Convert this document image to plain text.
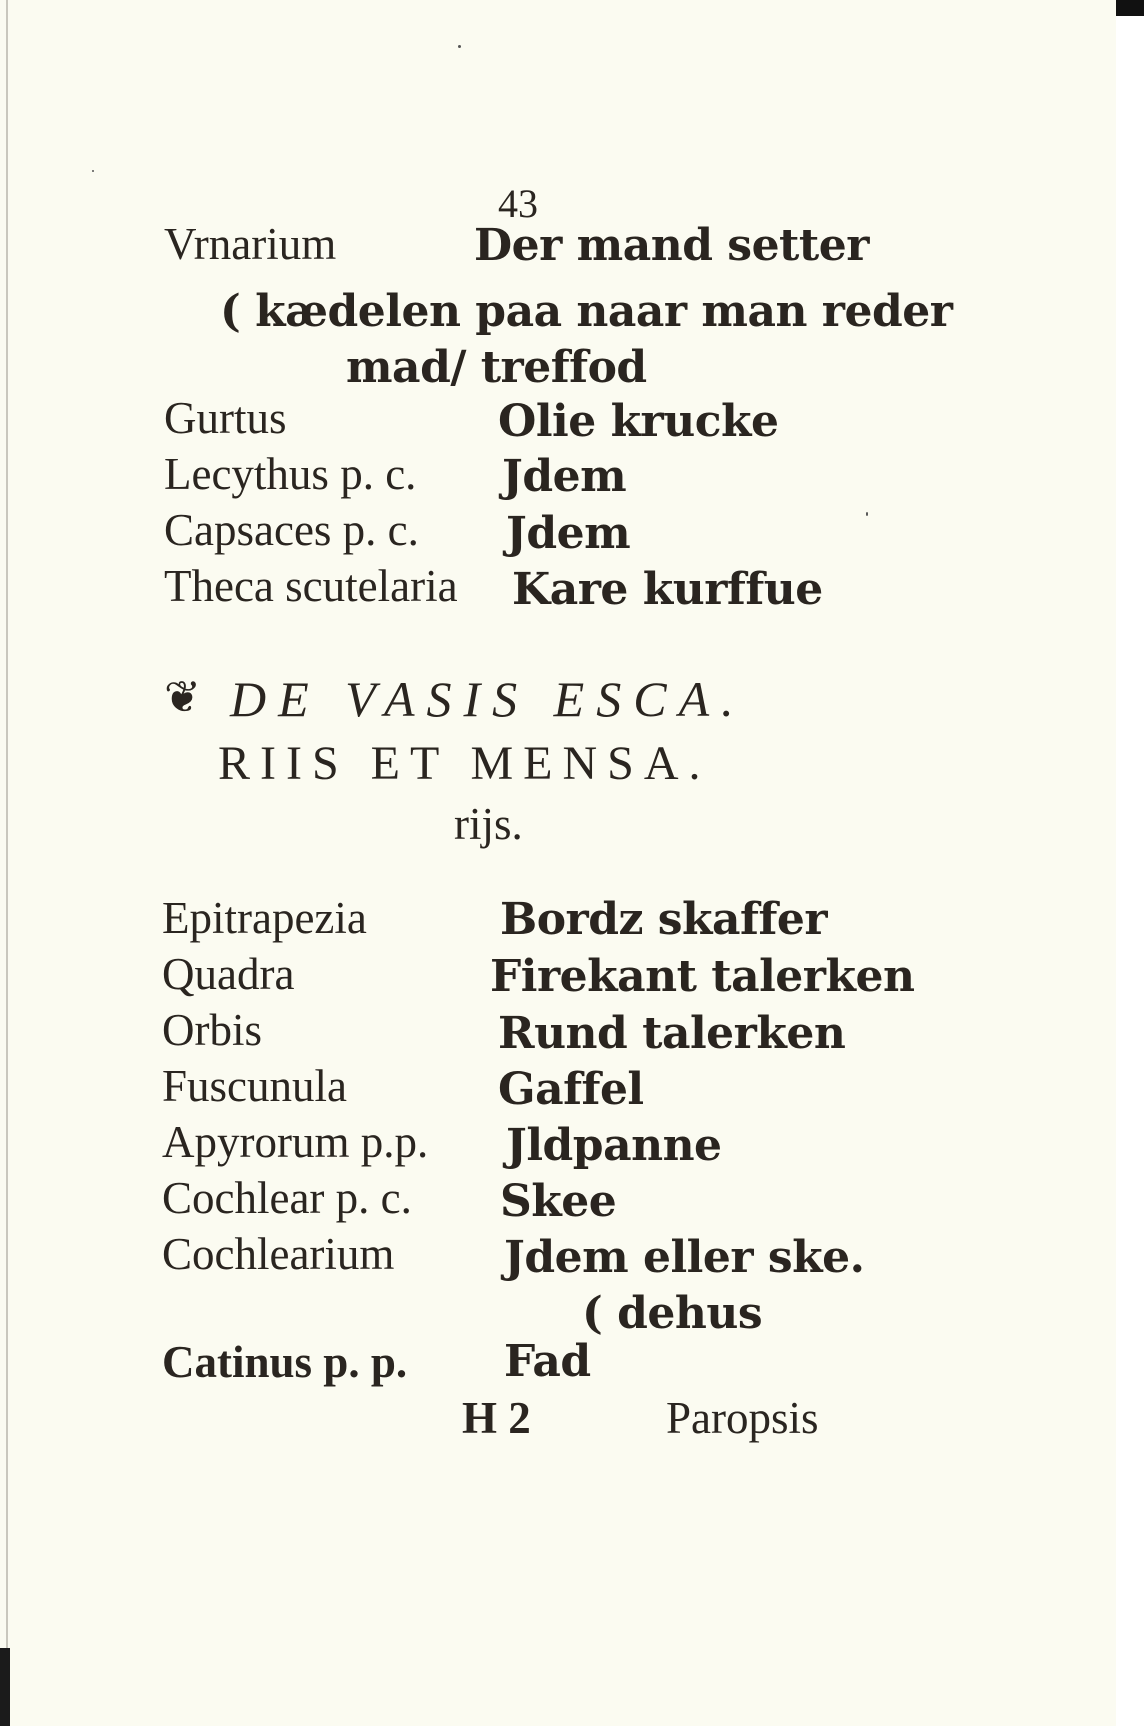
43
Vrnarium	Der mand setter
( kædelen paa naar man reder
mad/ treffod
Gurtus	Olie krucke
Lecythus p. c. Jdem
Capsaces p. c. Jdem
Theca scutelaria Kare kurffue
❦ DE VASIS ESCA.
RIIS ET MENSA.
rijs.
Epitrapezia	Bordz skaffer
Quadra	Firekant talerken
Orbis	Rund talerken
Fuscunula	Gaffel
Apyrorum p.p. Jldpanne
Cochlear p. c. Skee
Cochlearium Jdem eller ske.
( dehus
Catinus p. p. Fad
H 2	Paropsis
